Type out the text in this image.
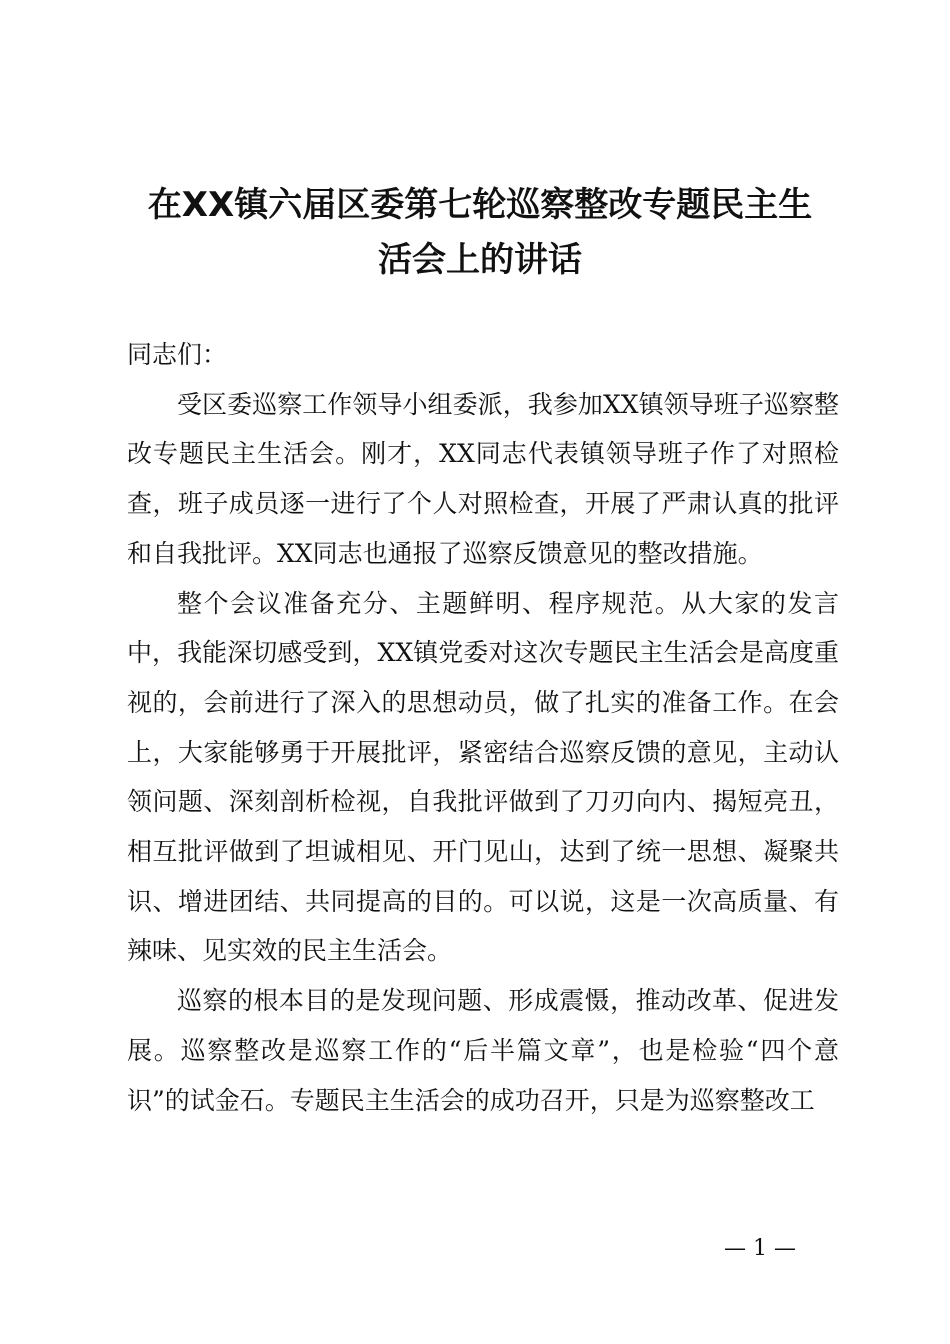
在XX镇六届区委第七轮巡察整改专题民主生
活会上的讲话

同志们：

受区委巡察工作领导小组委派，我参加XX镇领导班子巡察整改专题民主生活会。刚才，XX同志代表镇领导班子作了对照检查，班子成员逐一进行了个人对照检查，开展了严肃认真的批评和自我批评。XX同志也通报了巡察反馈意见的整改措施。

整个会议准备充分、主题鲜明、程序规范。从大家的发言中，我能深切感受到，XX镇党委对这次专题民主生活会是高度重视的，会前进行了深入的思想动员，做了扎实的准备工作。在会上，大家能够勇于开展批评，紧密结合巡察反馈的意见，主动认领问题、深刻剖析检视，自我批评做到了刀刃向内、揭短亮丑，相互批评做到了坦诚相见、开门见山，达到了统一思想、凝聚共识、增进团结、共同提高的目的。可以说，这是一次高质量、有辣味、见实效的民主生活会。

巡察的根本目的是发现问题、形成震慑，推动改革、促进发展。巡察整改是巡察工作的“后半篇文章”，也是检验“四个意识”的试金石。专题民主生活会的成功召开，只是为巡察整改工

— 1 —
